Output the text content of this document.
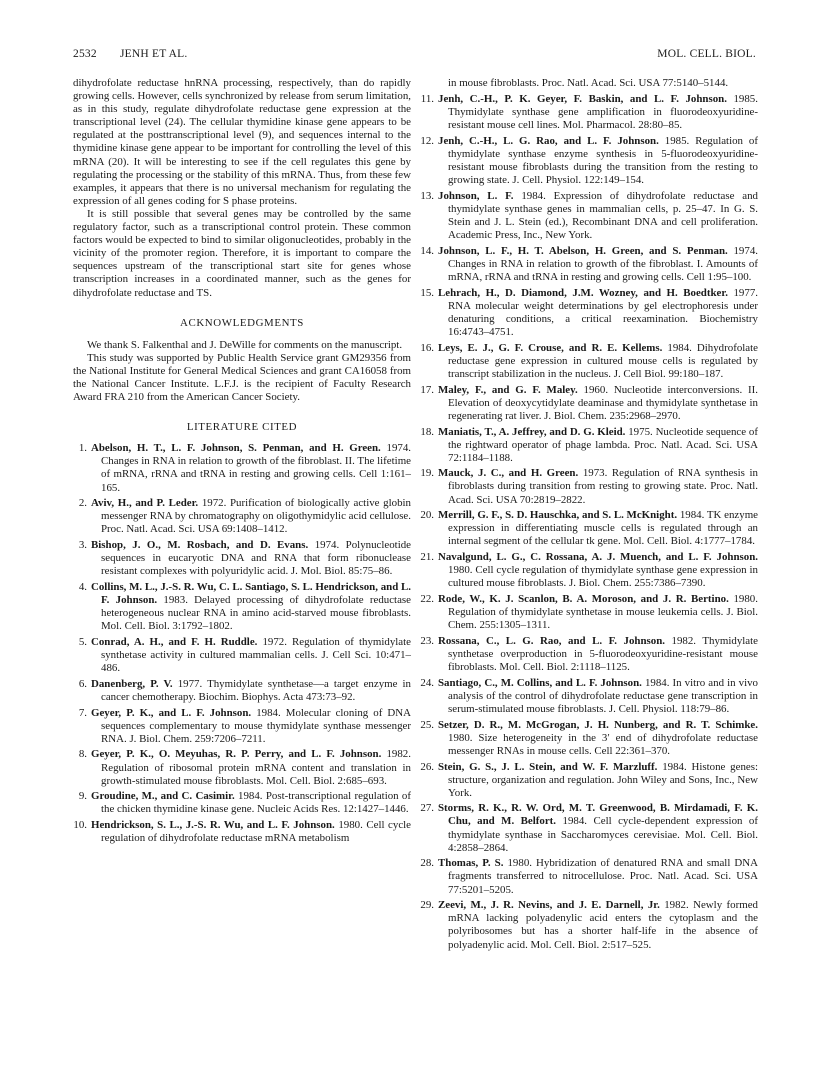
2532 JENH ET AL.	MOL. CELL. BIOL.

dihydrofolate reductase hnRNA processing, respectively, than do rapidly growing cells. However, cells synchronized by release from serum limitation, as in this study, regulate dihydrofolate reductase gene expression at the transcriptional level (24). The cellular thymidine kinase gene appears to be regulated at the posttranscriptional level (9), and sequences internal to the thymidine kinase gene appear to be important for controlling the level of this mRNA (20). It will be interesting to see if the cell regulates this gene by regulating the processing or the stability of this mRNA. Thus, from these few examples, it appears that there is no universal mechanism for regulating the expression of all genes coding for S phase proteins.

It is still possible that several genes may be controlled by the same regulatory factor, such as a transcriptional control protein. These common factors would be expected to bind to similar oligonucleotides, probably in the vicinity of the promoter region. Therefore, it is important to compare the sequences upstream of the transcriptional start site for genes whose transcription increases in a coordinated manner, such as the genes for dihydrofolate reductase and TS.

ACKNOWLEDGMENTS

We thank S. Falkenthal and J. DeWille for comments on the manuscript.

This study was supported by Public Health Service grant GM29356 from the National Institute for General Medical Sciences and grant CA16058 from the National Cancer Institute. L.F.J. is the recipient of Faculty Research Award FRA 210 from the American Cancer Society.

LITERATURE CITED

1. Abelson, H. T., L. F. Johnson, S. Penman, and H. Green. 1974. Changes in RNA in relation to growth of the fibroblast. II. The lifetime of mRNA, rRNA and tRNA in resting and growing cells. Cell 1:161–165.
2. Aviv, H., and P. Leder. 1972. Purification of biologically active globin messenger RNA by chromatography on oligothymidylic acid cellulose. Proc. Natl. Acad. Sci. USA 69:1408–1412.
3. Bishop, J. O., M. Rosbach, and D. Evans. 1974. Polynucleotide sequences in eucaryotic DNA and RNA that form ribonuclease resistant complexes with polyuridylic acid. J. Mol. Biol. 85:75–86.
4. Collins, M. L., J.-S. R. Wu, C. L. Santiago, S. L. Hendrickson, and L. F. Johnson. 1983. Delayed processing of dihydrofolate reductase heterogeneous nuclear RNA in amino acid-starved mouse fibroblasts. Mol. Cell. Biol. 3:1792–1802.
5. Conrad, A. H., and F. H. Ruddle. 1972. Regulation of thymidylate synthetase activity in cultured mammalian cells. J. Cell Sci. 10:471–486.
6. Danenberg, P. V. 1977. Thymidylate synthetase—a target enzyme in cancer chemotherapy. Biochim. Biophys. Acta 473:73–92.
7. Geyer, P. K., and L. F. Johnson. 1984. Molecular cloning of DNA sequences complementary to mouse thymidylate synthase messenger RNA. J. Biol. Chem. 259:7206–7211.
8. Geyer, P. K., O. Meyuhas, R. P. Perry, and L. F. Johnson. 1982. Regulation of ribosomal protein mRNA content and translation in growth-stimulated mouse fibroblasts. Mol. Cell. Biol. 2:685–693.
9. Groudine, M., and C. Casimir. 1984. Post-transcriptional regulation of the chicken thymidine kinase gene. Nucleic Acids Res. 12:1427–1446.
10. Hendrickson, S. L., J.-S. R. Wu, and L. F. Johnson. 1980. Cell cycle regulation of dihydrofolate reductase mRNA metabolism

in mouse fibroblasts. Proc. Natl. Acad. Sci. USA 77:5140–5144.

11. Jenh, C.-H., P. K. Geyer, F. Baskin, and L. F. Johnson. 1985. Thymidylate synthase gene amplification in fluorodeoxyuridine-resistant mouse cell lines. Mol. Pharmacol. 28:80–85.
12. Jenh, C.-H., L. G. Rao, and L. F. Johnson. 1985. Regulation of thymidylate synthase enzyme synthesis in 5-fluorodeoxyuridine-resistant mouse fibroblasts during the transition from the resting to growing state. J. Cell. Physiol. 122:149–154.
13. Johnson, L. F. 1984. Expression of dihydrofolate reductase and thymidylate synthase genes in mammalian cells, p. 25–47. In G. S. Stein and J. L. Stein (ed.), Recombinant DNA and cell proliferation. Academic Press, Inc., New York.
14. Johnson, L. F., H. T. Abelson, H. Green, and S. Penman. 1974. Changes in RNA in relation to growth of the fibroblast. I. Amounts of mRNA, rRNA and tRNA in resting and growing cells. Cell 1:95–100.
15. Lehrach, H., D. Diamond, J.M. Wozney, and H. Boedtker. 1977. RNA molecular weight determinations by gel electrophoresis under denaturing conditions, a critical reexamination. Biochemistry 16:4743–4751.
16. Leys, E. J., G. F. Crouse, and R. E. Kellems. 1984. Dihydrofolate reductase gene expression in cultured mouse cells is regulated by transcript stabilization in the nucleus. J. Cell Biol. 99:180–187.
17. Maley, F., and G. F. Maley. 1960. Nucleotide interconversions. II. Elevation of deoxycytidylate deaminase and thymidylate synthetase in regenerating rat liver. J. Biol. Chem. 235:2968–2970.
18. Maniatis, T., A. Jeffrey, and D. G. Kleid. 1975. Nucleotide sequence of the rightward operator of phage lambda. Proc. Natl. Acad. Sci. USA 72:1184–1188.
19. Mauck, J. C., and H. Green. 1973. Regulation of RNA synthesis in fibroblasts during transition from resting to growing state. Proc. Natl. Acad. Sci. USA 70:2819–2822.
20. Merrill, G. F., S. D. Hauschka, and S. L. McKnight. 1984. TK enzyme expression in differentiating muscle cells is regulated through an internal segment of the cellular tk gene. Mol. Cell. Biol. 4:1777–1784.
21. Navalgund, L. G., C. Rossana, A. J. Muench, and L. F. Johnson. 1980. Cell cycle regulation of thymidylate synthase gene expression in cultured mouse fibroblasts. J. Biol. Chem. 255:7386–7390.
22. Rode, W., K. J. Scanlon, B. A. Moroson, and J. R. Bertino. 1980. Regulation of thymidylate synthetase in mouse leukemia cells. J. Biol. Chem. 255:1305–1311.
23. Rossana, C., L. G. Rao, and L. F. Johnson. 1982. Thymidylate synthetase overproduction in 5-fluorodeoxyuridine-resistant mouse fibroblasts. Mol. Cell. Biol. 2:1118–1125.
24. Santiago, C., M. Collins, and L. F. Johnson. 1984. In vitro and in vivo analysis of the control of dihydrofolate reductase gene transcription in serum-stimulated mouse fibroblasts. J. Cell. Physiol. 118:79–86.
25. Setzer, D. R., M. McGrogan, J. H. Nunberg, and R. T. Schimke. 1980. Size heterogeneity in the 3′ end of dihydrofolate reductase messenger RNAs in mouse cells. Cell 22:361–370.
26. Stein, G. S., J. L. Stein, and W. F. Marzluff. 1984. Histone genes: structure, organization and regulation. John Wiley and Sons, Inc., New York.
27. Storms, R. K., R. W. Ord, M. T. Greenwood, B. Mirdamadi, F. K. Chu, and M. Belfort. 1984. Cell cycle-dependent expression of thymidylate synthase in Saccharomyces cerevisiae. Mol. Cell. Biol. 4:2858–2864.
28. Thomas, P. S. 1980. Hybridization of denatured RNA and small DNA fragments transferred to nitrocellulose. Proc. Natl. Acad. Sci. USA 77:5201–5205.
29. Zeevi, M., J. R. Nevins, and J. E. Darnell, Jr. 1982. Newly formed mRNA lacking polyadenylic acid enters the cytoplasm and the polyribosomes but has a shorter half-life in the absence of polyadenylic acid. Mol. Cell. Biol. 2:517–525.
